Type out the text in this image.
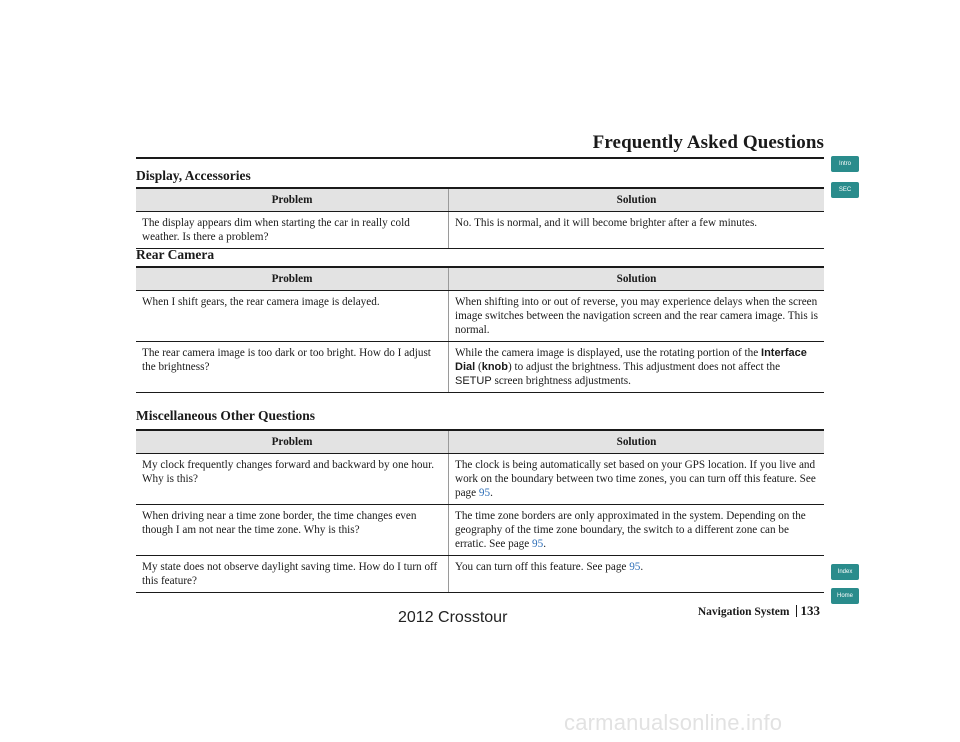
Frequently Asked Questions
Intro
SEC
Index
Home
Display, Accessories
Problem	Solution
The display appears dim when starting the car in really cold weather. Is there a problem?	No. This is normal, and it will become brighter after a few minutes.
Rear Camera
Problem	Solution
When I shift gears, the rear camera image is delayed.	When shifting into or out of reverse, you may experience delays when the screen image switches between the navigation screen and the rear camera image. This is normal.
The rear camera image is too dark or too bright. How do I adjust the brightness?	While the camera image is displayed, use the rotating portion of the Interface Dial (knob) to adjust the brightness. This adjustment does not affect the SETUP screen brightness adjustments.
Miscellaneous Other Questions
Problem	Solution
My clock frequently changes forward and backward by one hour. Why is this?	The clock is being automatically set based on your GPS location. If you live and work on the boundary between two time zones, you can turn off this feature. See page 95.
When driving near a time zone border, the time changes even though I am not near the time zone. Why is this?	The time zone borders are only approximated in the system. Depending on the geography of the time zone boundary, the switch to a different zone can be erratic. See page 95.
My state does not observe daylight saving time. How do I turn off this feature?	You can turn off this feature. See page 95.
Navigation System 133
2012 Crosstour
carmanualsonline.info
